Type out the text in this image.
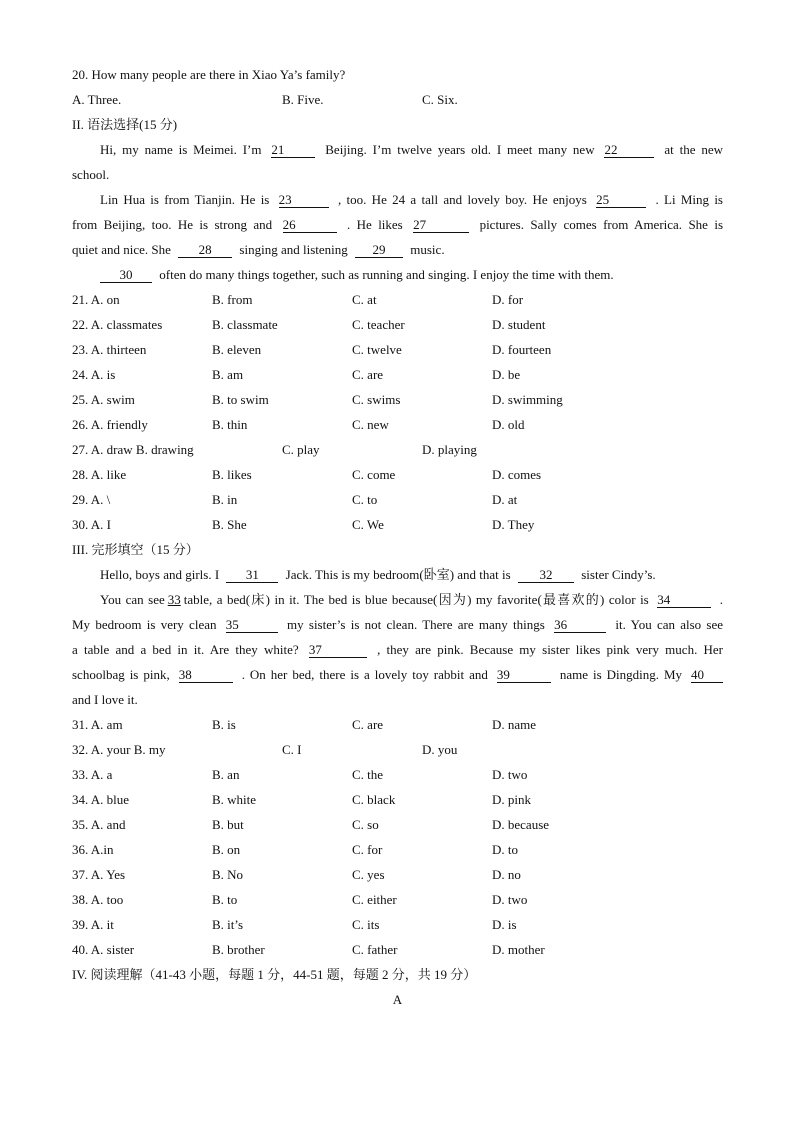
20. How many people are there in Xiao Ya’s family?
A. Three.	B. Five.	C. Six.
II. 语法选择(15 分)
Hi, my name is Meimei. I’m 21	Beijing. I’m twelve years old. I meet many new 22	at the new
school.
Lin Hua is from Tianjin. He is 23	, too. He 24 a tall and lovely boy. He enjoys 25	. Li Ming is
from Beijing, too. He is strong and 26	. He likes 27	pictures. Sally comes from America. She is
quiet and nice. She 28 singing and listening 29 music.
30 often do many things together, such as running and singing. I enjoy the time with them.
21. A. on	B. from	C. at	D. for
22. A. classmates	B. classmate	C. teacher	D. student
23. A. thirteen	B. eleven	C. twelve	D. fourteen
24. A. is	B. am	C. are	D. be
25. A. swim	B. to swim	C. swims	D. swimming
26. A. friendly	B. thin	C. new	D. old
27. A. draw B. drawing	C. play	D. playing
28. A. like	B. likes	C. come	D. comes
29. A. \	B. in	C. to	D. at
30. A. I	B. She	C. We	D. They
III. 完形填空（15 分）
Hello, boys and girls. I 31 Jack. This is my bedroom(卧室) and that is 32 sister Cindy’s.
You can see 33 table, a bed(床) in it. The bed is blue because(因为) my favorite(最喜欢的) color is 34	.
My bedroom is very clean 35	my sister’s is not clean. There are many things 36	it. You can also see
a table and a bed in it. Are they white? 37	, they are pink. Because my sister likes pink very much. Her
schoolbag is pink, 38	. On her bed, there is a lovely toy rabbit and 39	name is Dingding. My 40
and I love it.
31. A. am	B. is	C. are	D. name
32. A. your B. my	C. I	D. you
33. A. a	B. an	C. the	D. two
34. A. blue	B. white	C. black	D. pink
35. A. and	B. but	C. so	D. because
36. A.in	B. on	C. for	D. to
37. A. Yes	B. No	C. yes	D. no
38. A. too	B. to	C. either	D. two
39. A. it	B. it’s	C. its	D. is
40. A. sister	B. brother	C. father	D. mother
IV. 阅读理解（41-43 小题，每题 1 分，44-51 题，每题 2 分，共 19 分）
A
